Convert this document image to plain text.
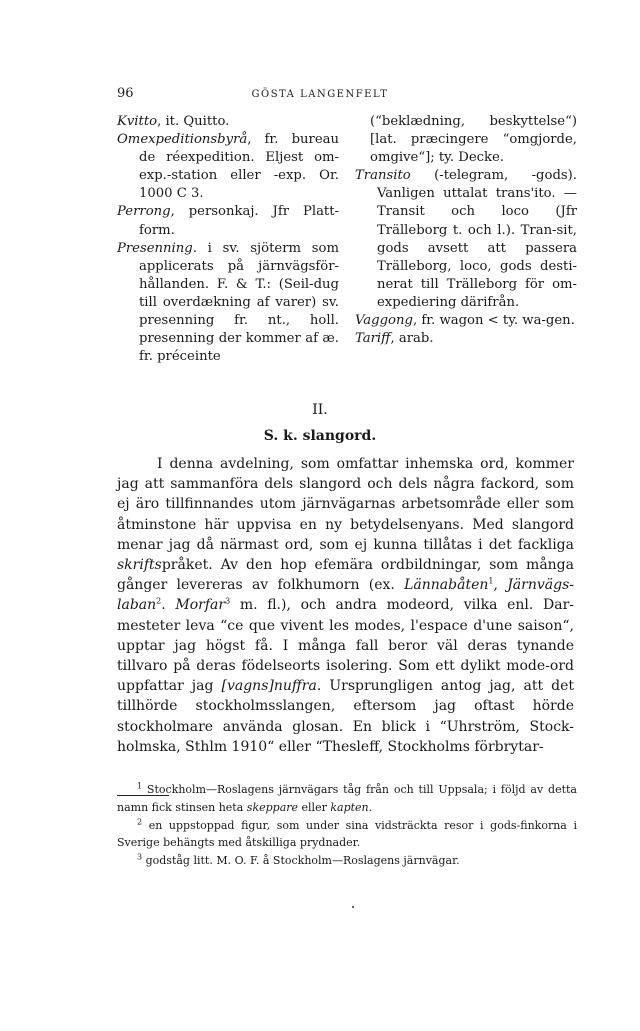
96	GÖSTA LANGENFELT
Kvitto, it. Quitto.
Omexpeditionsbyrå, fr. bureau de réexpedition. Eljest om-exp.-station eller -exp. Or. 1000 C 3.
Perrong, personkaj. Jfr Platt-form.
Presenning. i sv. sjöterm som applicerats på järnvägsför-hållanden. F. & T.: (Seil-dug till overdækning af varer) sv. presenning fr. nt., holl. presenning der kommer af æ. fr. préceinte
(“beklædning, beskyttelse“) [lat. præcingere “omgjorde, omgive“]; ty. Decke.
Transito (-telegram, -gods). Vanligen uttalat trans'ito. — Transit och loco (Jfr Trälleborg t. och l.). Tran-sit, gods avsett att passera Trälleborg, loco, gods desti-nerat till Trälleborg för om-expediering därifrån.
Vaggong, fr. wagon < ty. wa-gen.
Tariff, arab.
II.
S. k. slangord.
I denna avdelning, som omfattar inhemska ord, kommer jag att sammanföra dels slangord och dels några fackord, som ej äro tillfinnandes utom järnvägarnas arbetsområde eller som åtminstone här uppvisa en ny betydelsenyans. Med slangord menar jag då närmast ord, som ej kunna tillåtas i det fackliga skriftspråket. Av den hop efemära ordbildningar, som många gånger levereras av folkhumorn (ex. Lännabåten$^1$, Järnvägs-laban$^2$. Morfar$^3$ m. fl.), och andra modeord, vilka enl. Dar-mesteter leva “ce que vivent les modes, l'espace d'une saison“, upptar jag högst få. I många fall beror väl deras tynande tillvaro på deras födelseorts isolering. Som ett dylikt mode-ord uppfattar jag [vagns]nuffra. Ursprungligen antog jag, att det tillhörde stockholmsslangen, eftersom jag oftast hörde stockholmare använda glosan. En blick i “Uhrström, Stock-holmska, Sthlm 1910“ eller “Thesleff, Stockholms förbrytar-
$^1$ Stockholm—Roslagens järnvägars tåg från och till Uppsala; i följd av detta namn fick stinsen heta skeppare eller kapten.
$^2$ en uppstoppad figur, som under sina vidsträckta resor i gods-finkorna i Sverige behängts med åtskilliga prydnader.
$^3$ godståg litt. M. O. F. å Stockholm—Roslagens järnvägar.
